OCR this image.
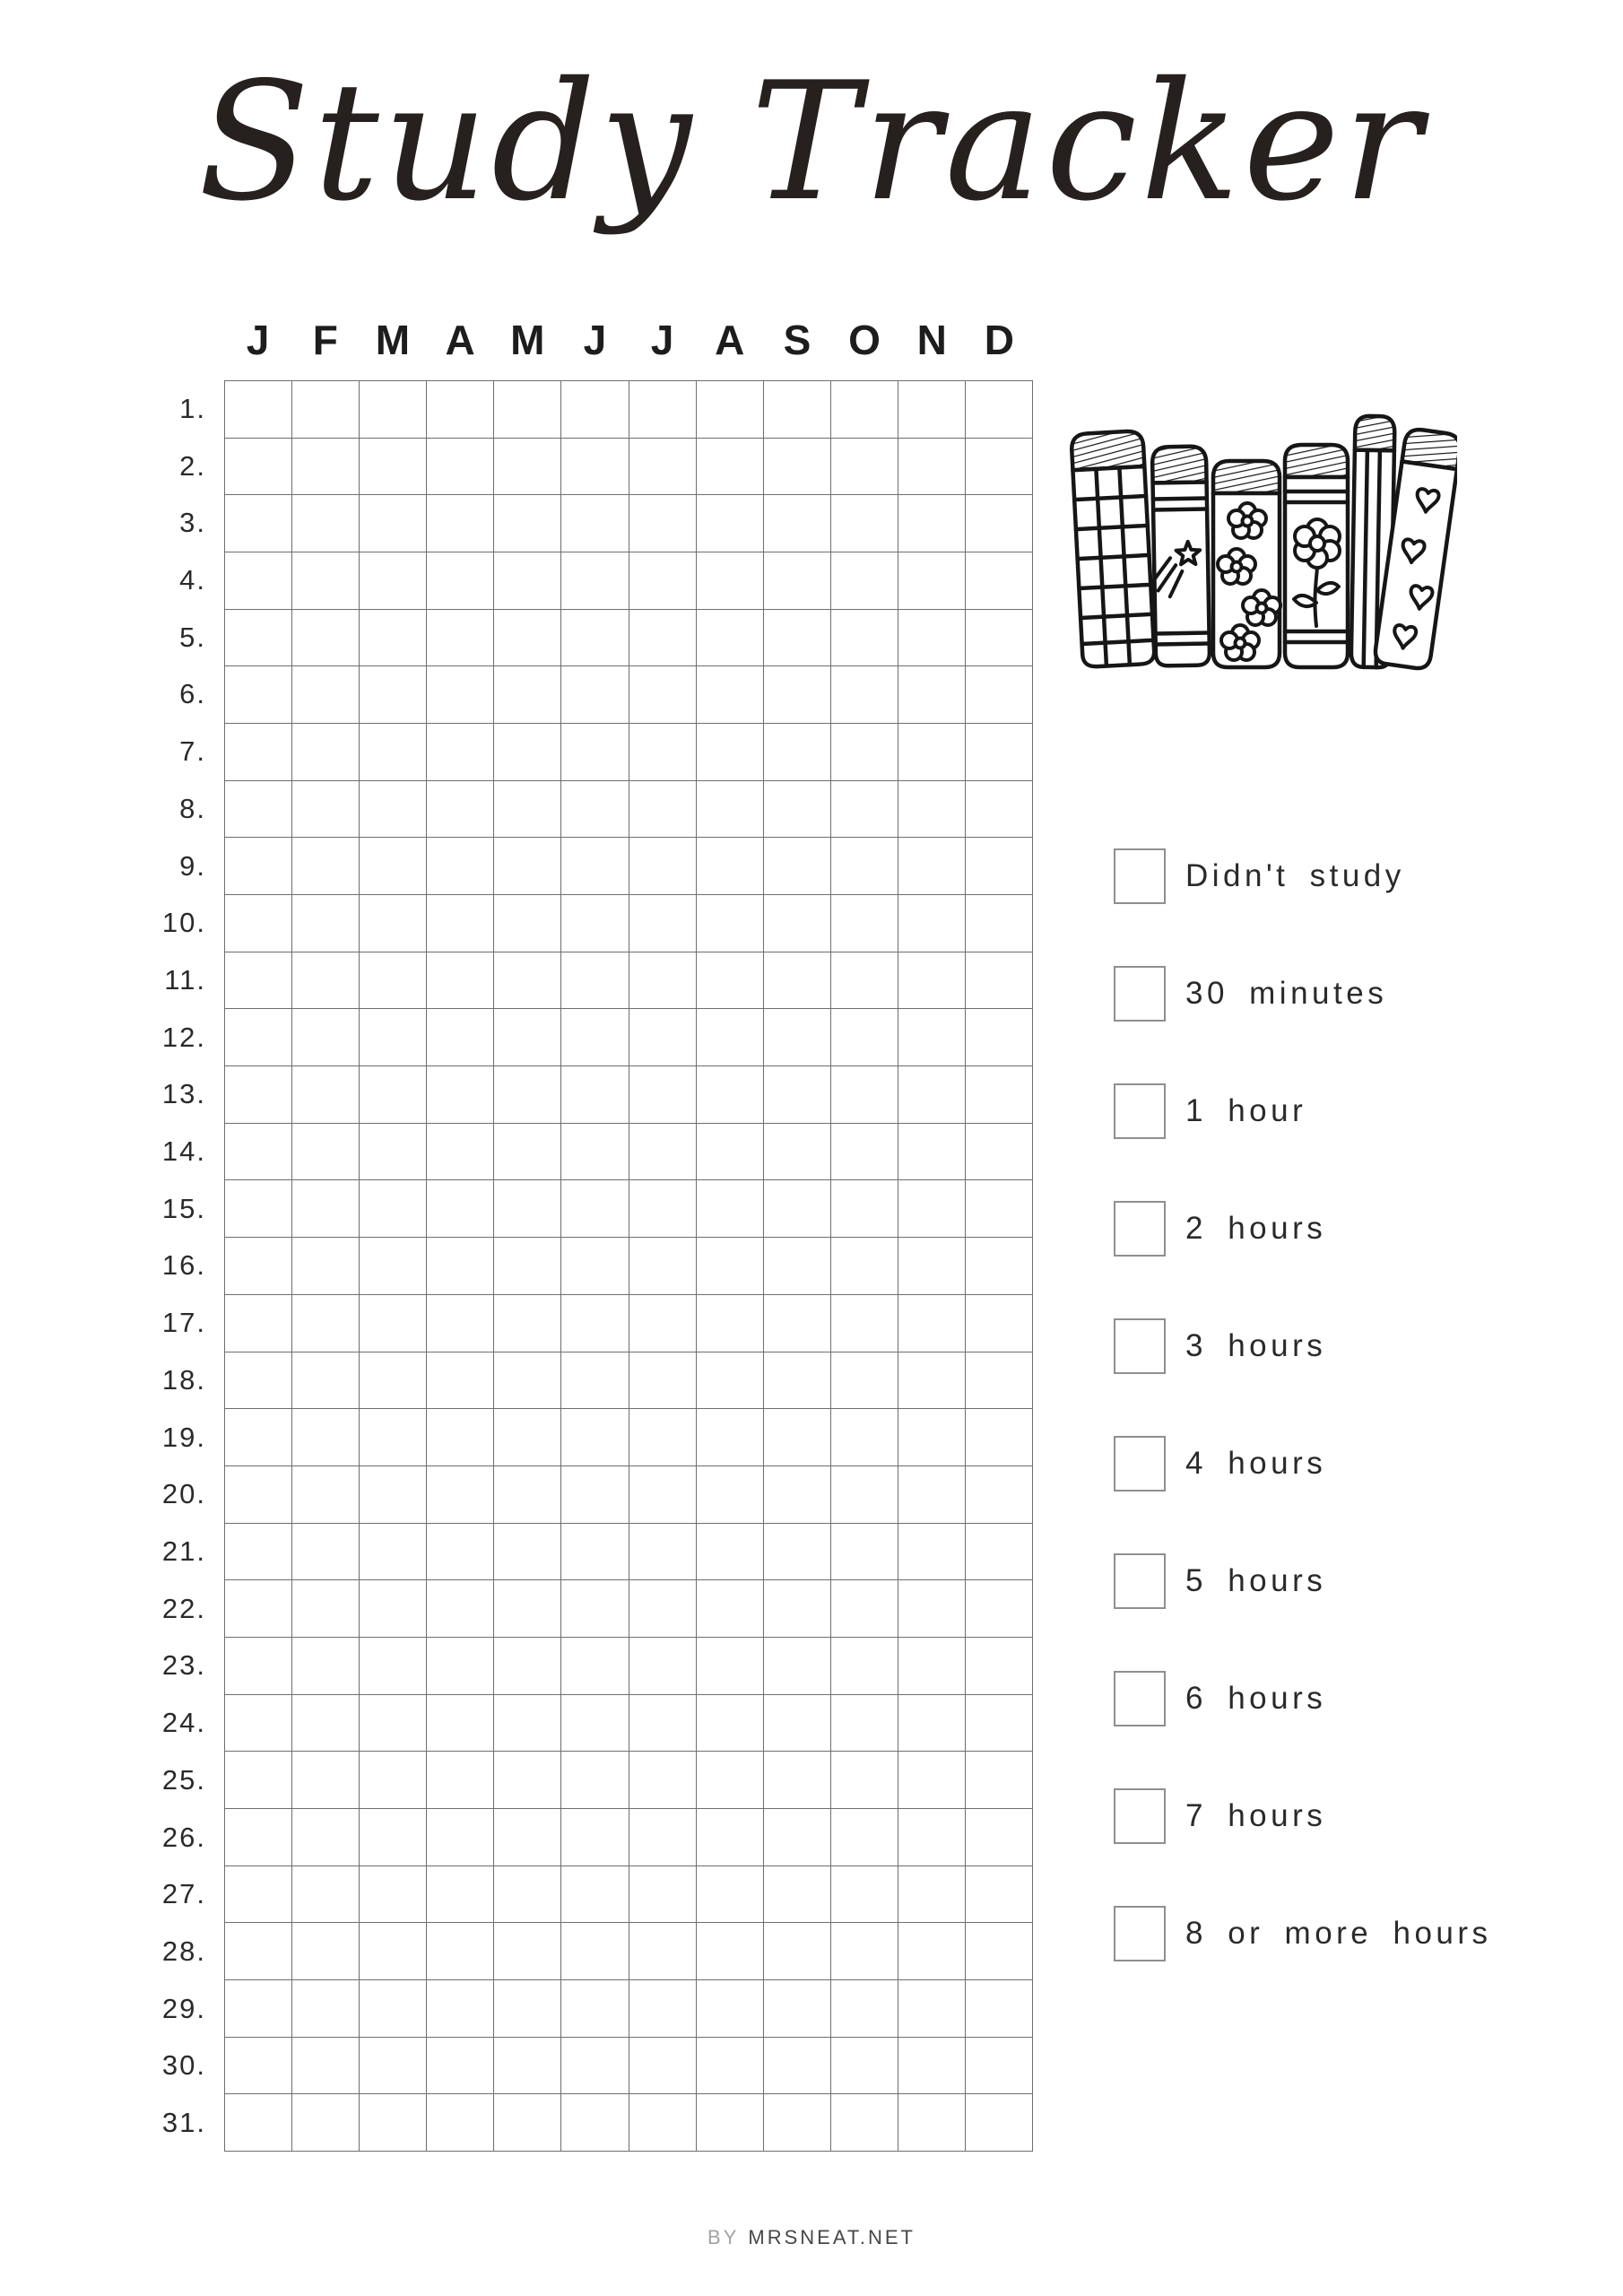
Study Tracker
J F M A M J J A S O N D
1.
2.
3.
4.
5.
6.
7.
8.
9.
10.
11.
12.
13.
14.
15.
16.
17.
18.
19.
20.
21.
22.
23.
24.
25.
26.
27.
28.
29.
30.
31.
Didn't study
30 minutes
1 hour
2 hours
3 hours
4 hours
5 hours
6 hours
7 hours
8 or more hours
BY MRSNEAT.NET
